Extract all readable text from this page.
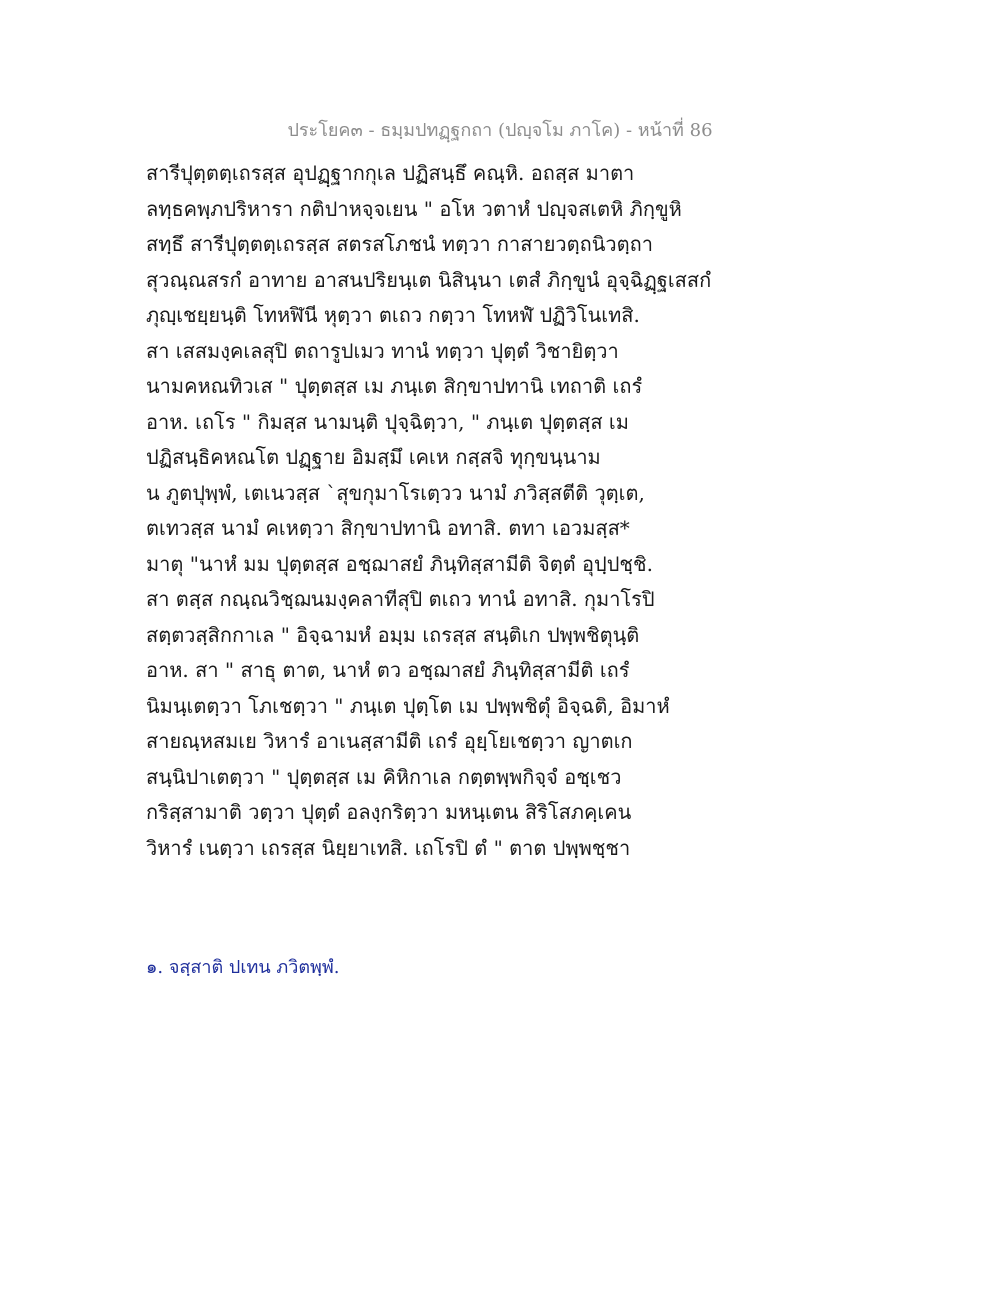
ประโยค๓ - ธมฺมปทฏฺฐกถา (ปญฺจโม ภาโค) - หน้าที่ 86
สารีปุตฺตตฺเถรสฺส อุปฏฺฐากกุเล ปฏิสนฺธึ คณฺหิ. อถสฺส มาตา
ลทฺธคพฺภปริหารา กติปาหจฺจเยน " อโห วตาหํ ปญฺจสเตหิ ภิกฺขูหิ
สทฺธึ สารีปุตฺตตฺเถรสฺส สตรสโภชนํ ทตฺวา กาสายวตฺถนิวตฺถา
สุวณฺณสรกํ อาทาย อาสนปริยนฺเต นิสินฺนา เตสํ ภิกฺขูนํ อุจฺฉิฏฺฐเสสกํ
ภุญฺเชยฺยนฺติ โทหฬินี หุตฺวา ตเถว กตฺวา โทหฬํ ปฏิวิโนเทสิ.
สา เสสมงฺคเลสุปิ ตถารูปเมว ทานํ ทตฺวา ปุตฺตํ วิชายิตฺวา
นามคหณทิวเส " ปุตฺตสฺส เม ภนฺเต สิกฺขาปทานิ เทถาติ เถรํ
อาห. เถโร " กิมสฺส นามนฺติ ปุจฺฉิตฺวา, " ภนฺเต ปุตฺตสฺส เม
ปฏิสนฺธิคหณโต ปฏฺฐาย อิมสฺมึ เคเห กสฺสจิ ทุกฺขนฺนาม
น ภูตปุพฺพํ, เตเนวสฺส `สุขกุมาโรเตฺวว นามํ ภวิสฺสตีติ วุตฺเต,
ตเทวสฺส นามํ คเหตฺวา สิกฺขาปทานิ อทาสิ. ตทา เอวมสฺส*
มาตุ "นาหํ มม ปุตฺตสฺส อชฺฌาสยํ ภินฺทิสฺสามีติ จิตฺตํ อุปฺปชฺชิ.
สา ตสฺส กณฺณวิชฺฌนมงฺคลาทีสุปิ ตเถว ทานํ อทาสิ. กุมาโรปิ
สตฺตวสฺสิกกาเล " อิจฺฉามหํ อมฺม เถรสฺส สนฺติเก ปพฺพชิตุนฺติ
อาห. สา " สาธุ ตาต, นาหํ ตว อชฺฌาสยํ ภินฺทิสฺสามีติ เถรํ
นิมนฺเตตฺวา โภเชตฺวา " ภนฺเต ปุตฺโต เม ปพฺพชิตุํ อิจฺฉติ, อิมาหํ
สายณฺหสมเย วิหารํ อาเนสฺสามีติ เถรํ อุยฺโยเชตฺวา ญาตเก
สนฺนิปาเตตฺวา " ปุตฺตสฺส เม คิหิกาเล กตฺตพฺพกิจฺจํ อชฺเชว
กริสฺสามาติ วตฺวา ปุตฺตํ อลงฺกริตฺวา มหนฺเตน สิริโสภคฺเคน
วิหารํ เนตฺวา เถรสฺส นิยฺยาเทสิ. เถโรปิ ตํ " ตาต ปพฺพชฺชา
๑. จสฺสาติ ปเทน ภวิตพฺพํ.
